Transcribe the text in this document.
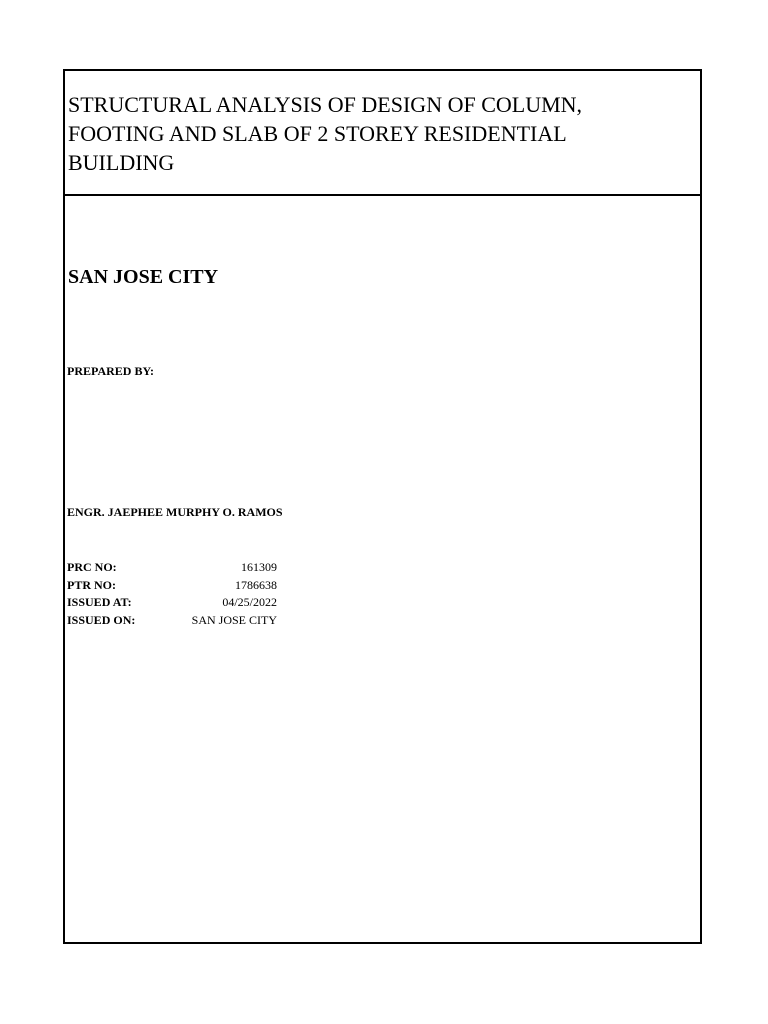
STRUCTURAL ANALYSIS OF DESIGN OF COLUMN, FOOTING AND SLAB OF 2 STOREY RESIDENTIAL BUILDING
SAN JOSE CITY
PREPARED BY:
ENGR. JAEPHEE MURPHY O. RAMOS
PRC NO:	161309
PTR NO:	1786638
ISSUED AT:	04/25/2022
ISSUED ON:	SAN JOSE CITY
